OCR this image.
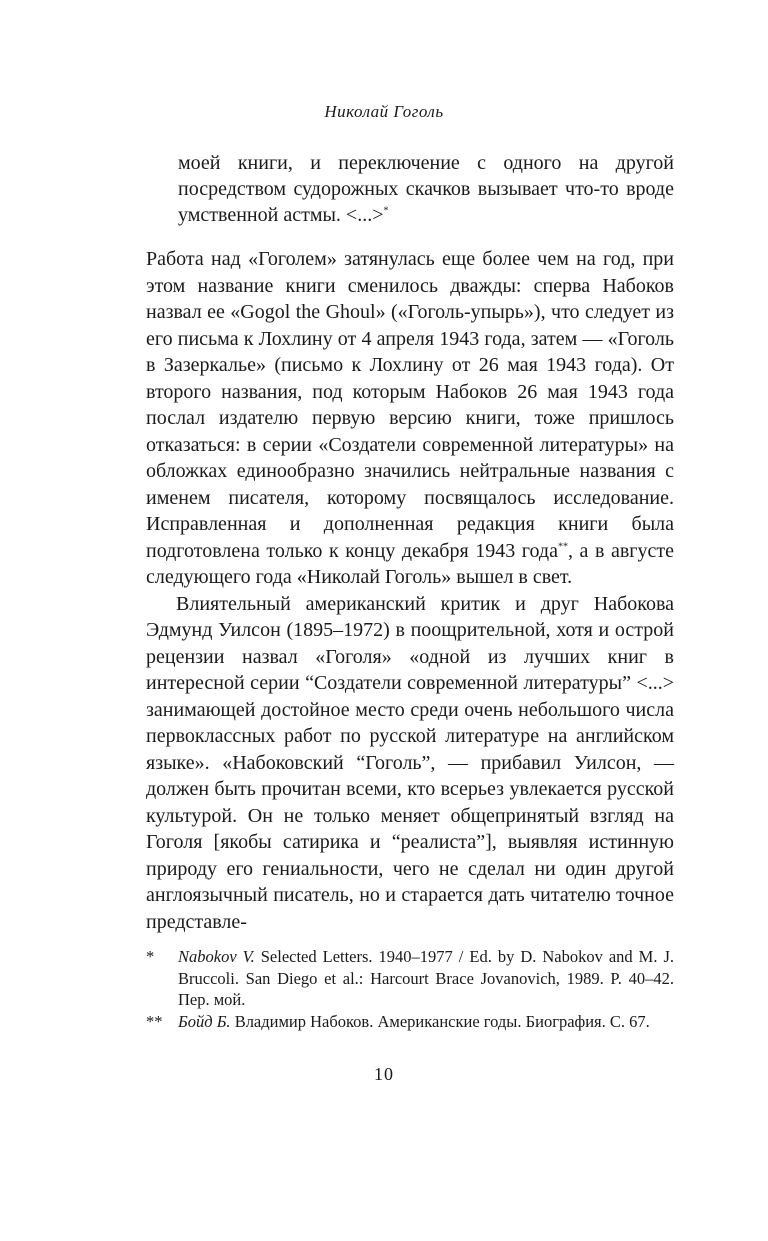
Николай Гоголь

моей книги, и переключение с одного на другой посредством судорожных скачков вызывает что-то вроде умственной астмы. <...>*

Работа над «Гоголем» затянулась еще более чем на год, при этом название книги сменилось дважды: сперва Набоков назвал ее «Gogol the Ghoul» («Гоголь-упырь»), что следует из его письма к Лохлину от 4 апреля 1943 года, затем — «Гоголь в Зазеркалье» (письмо к Лохлину от 26 мая 1943 года). От второго названия, под которым Набоков 26 мая 1943 года послал издателю первую версию книги, тоже пришлось отказаться: в серии «Создатели современной литературы» на обложках единообразно значились нейтральные названия с именем писателя, которому посвящалось исследование. Исправленная и дополненная редакция книги была подготовлена только к концу декабря 1943 года**, а в августе следующего года «Николай Гоголь» вышел в свет.

Влиятельный американский критик и друг Набокова Эдмунд Уилсон (1895–1972) в поощрительной, хотя и острой рецензии назвал «Гоголя» «одной из лучших книг в интересной серии “Создатели современной литературы” <...> занимающей достойное место среди очень небольшого числа первоклассных работ по русской литературе на английском языке». «Набоковский “Гоголь”, — прибавил Уилсон, — должен быть прочитан всеми, кто всерьез увлекается русской культурой. Он не только меняет общепринятый взгляд на Гоголя [якобы сатирика и “реалиста”], выявляя истинную природу его гениальности, чего не сделал ни один другой англоязычный писатель, но и старается дать читателю точное представле-

*	Nabokov V. Selected Letters. 1940–1977 / Ed. by D. Nabokov and M. J. Bruccoli. San Diego et al.: Harcourt Brace Jovanovich, 1989. P. 40–42. Пер. мой.
** Бойд Б. Владимир Набоков. Американские годы. Биография. С. 67.
10
